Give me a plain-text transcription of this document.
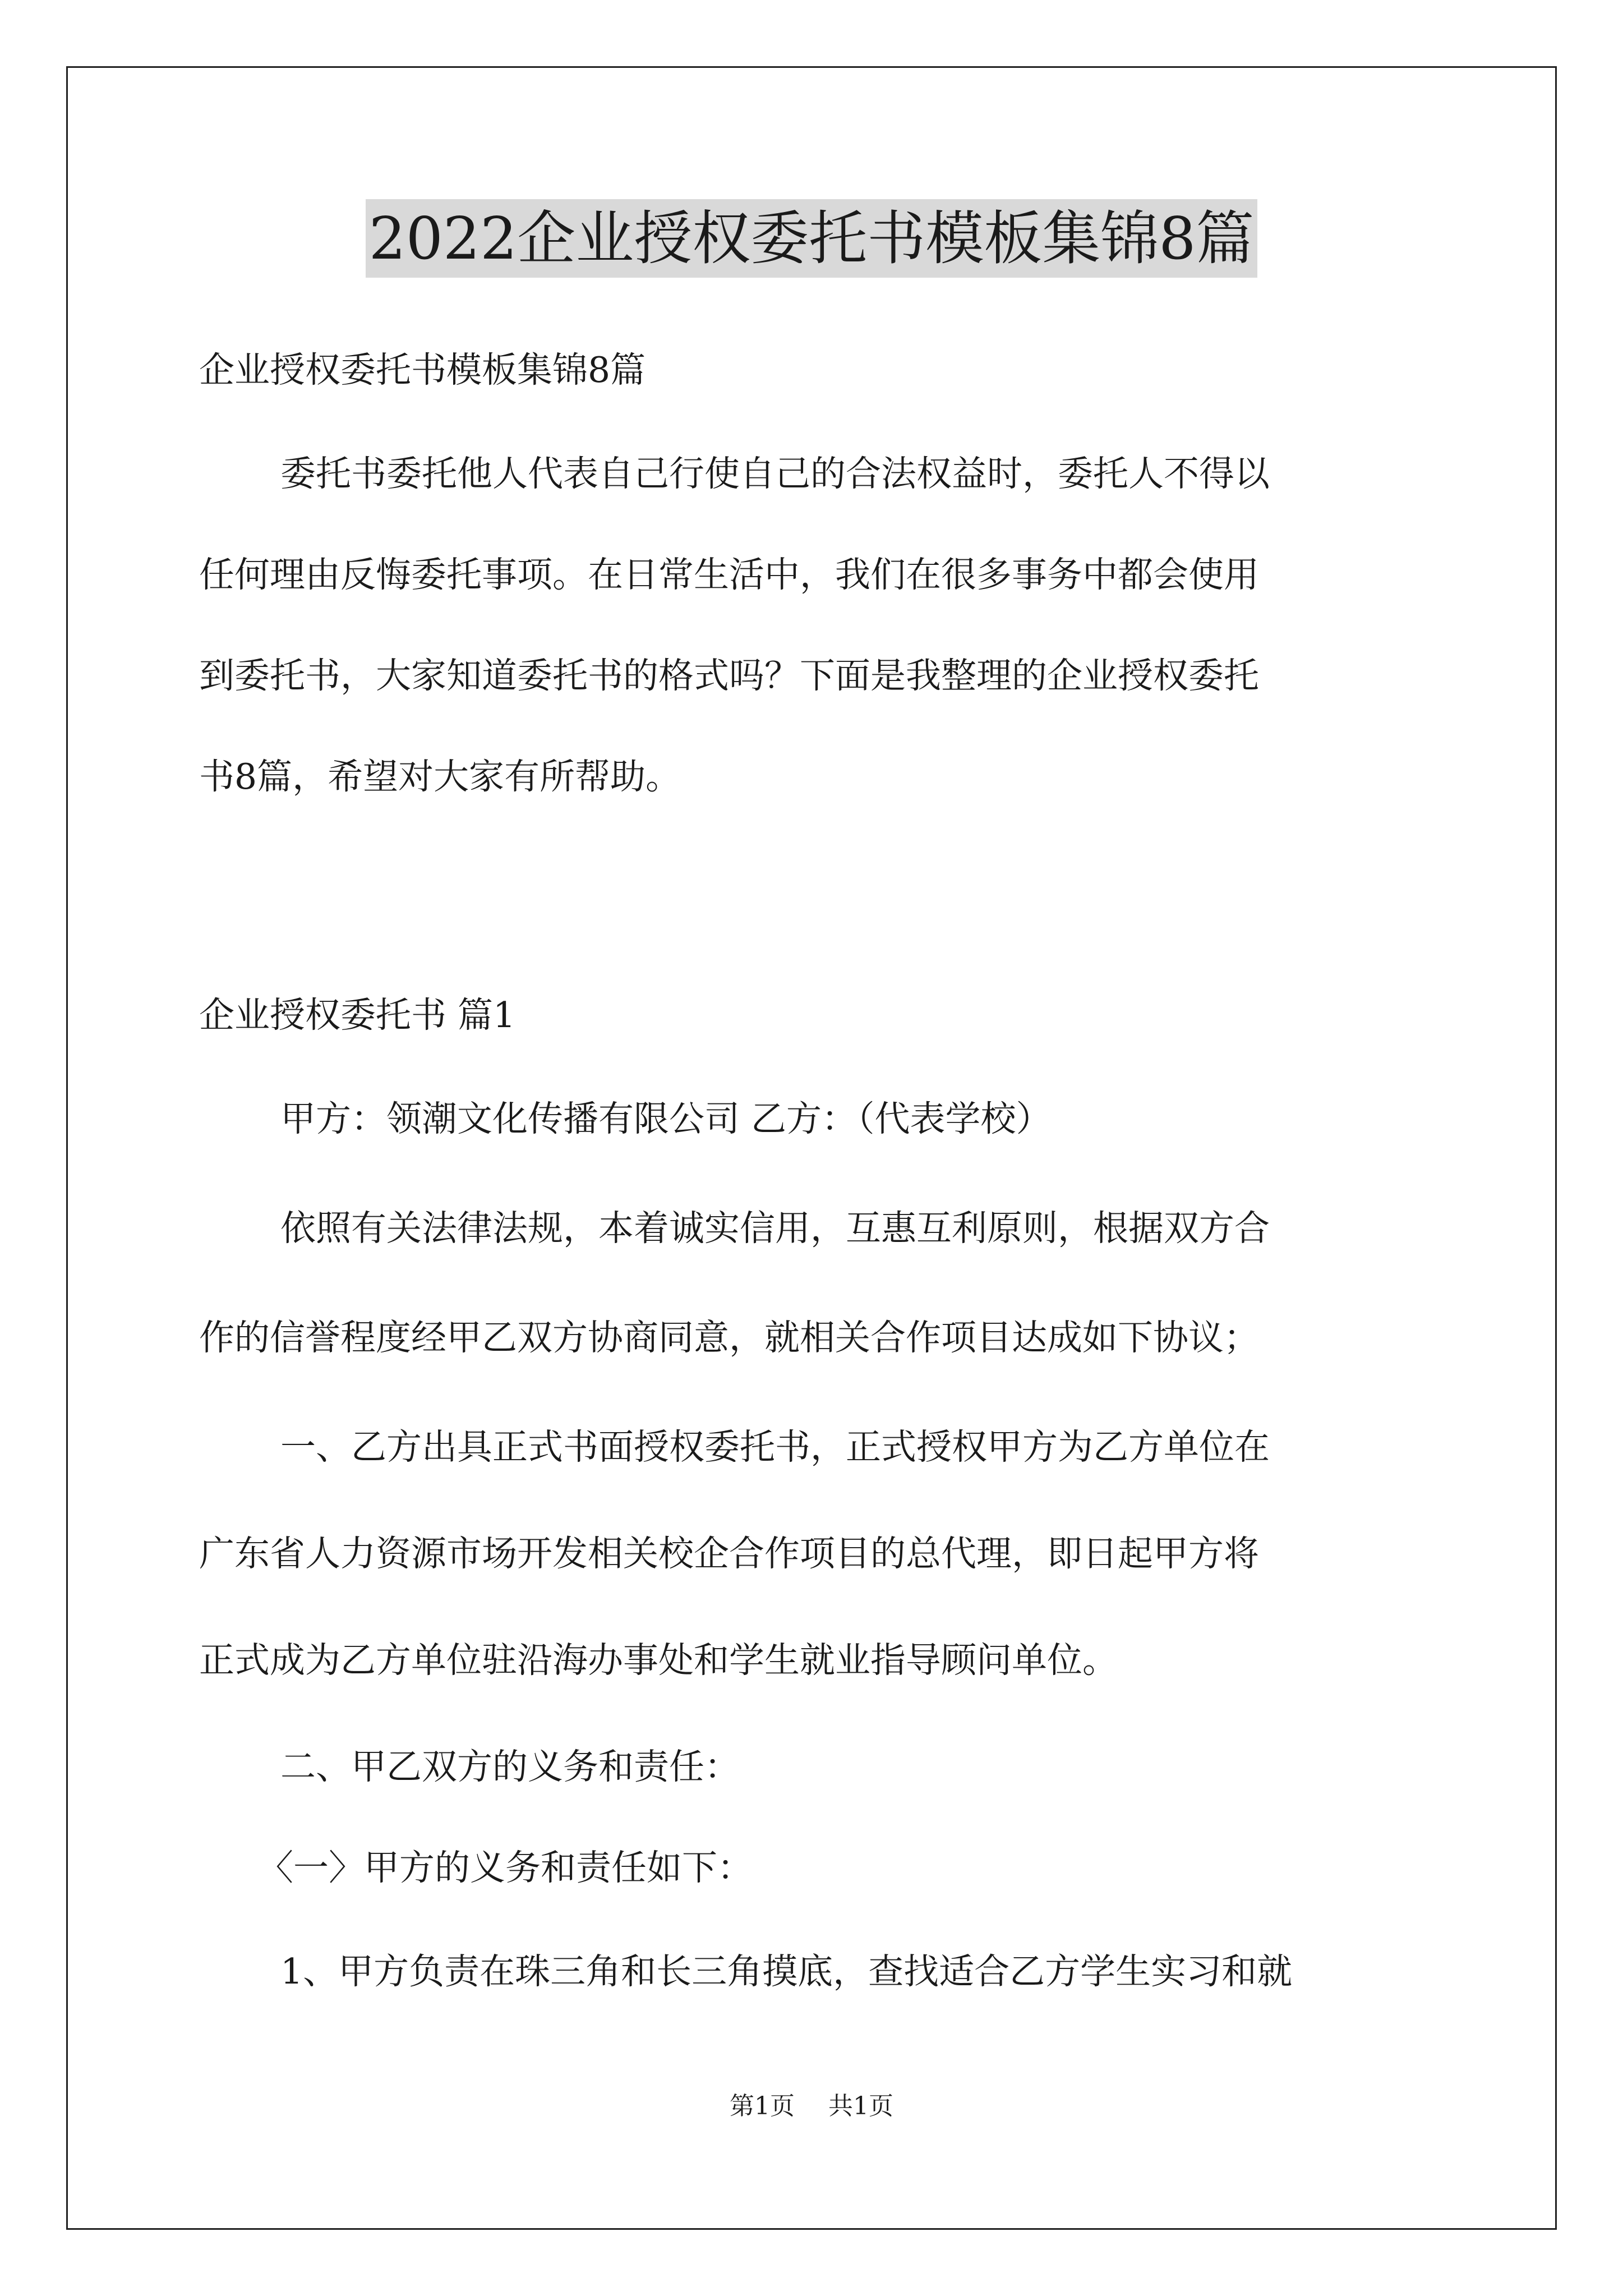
2022企业授权委托书模板集锦8篇

企业授权委托书模板集锦8篇

委托书委托他人代表自己行使自己的合法权益时，委托人不得以

任何理由反悔委托事项。在日常生活中，我们在很多事务中都会使用

到委托书，大家知道委托书的格式吗？下面是我整理的企业授权委托

书8篇，希望对大家有所帮助。

企业授权委托书 篇1

甲方：领潮文化传播有限公司 乙方：（代表学校）

依照有关法律法规，本着诚实信用，互惠互利原则，根据双方合

作的信誉程度经甲乙双方协商同意，就相关合作项目达成如下协议；

一、乙方出具正式书面授权委托书，正式授权甲方为乙方单位在

广东省人力资源市场开发相关校企合作项目的总代理，即日起甲方将

正式成为乙方单位驻沿海办事处和学生就业指导顾问单位。

二、甲乙双方的义务和责任：

〈一〉甲方的义务和责任如下：

1、甲方负责在珠三角和长三角摸底，查找适合乙方学生实习和就

第1页 共1页
